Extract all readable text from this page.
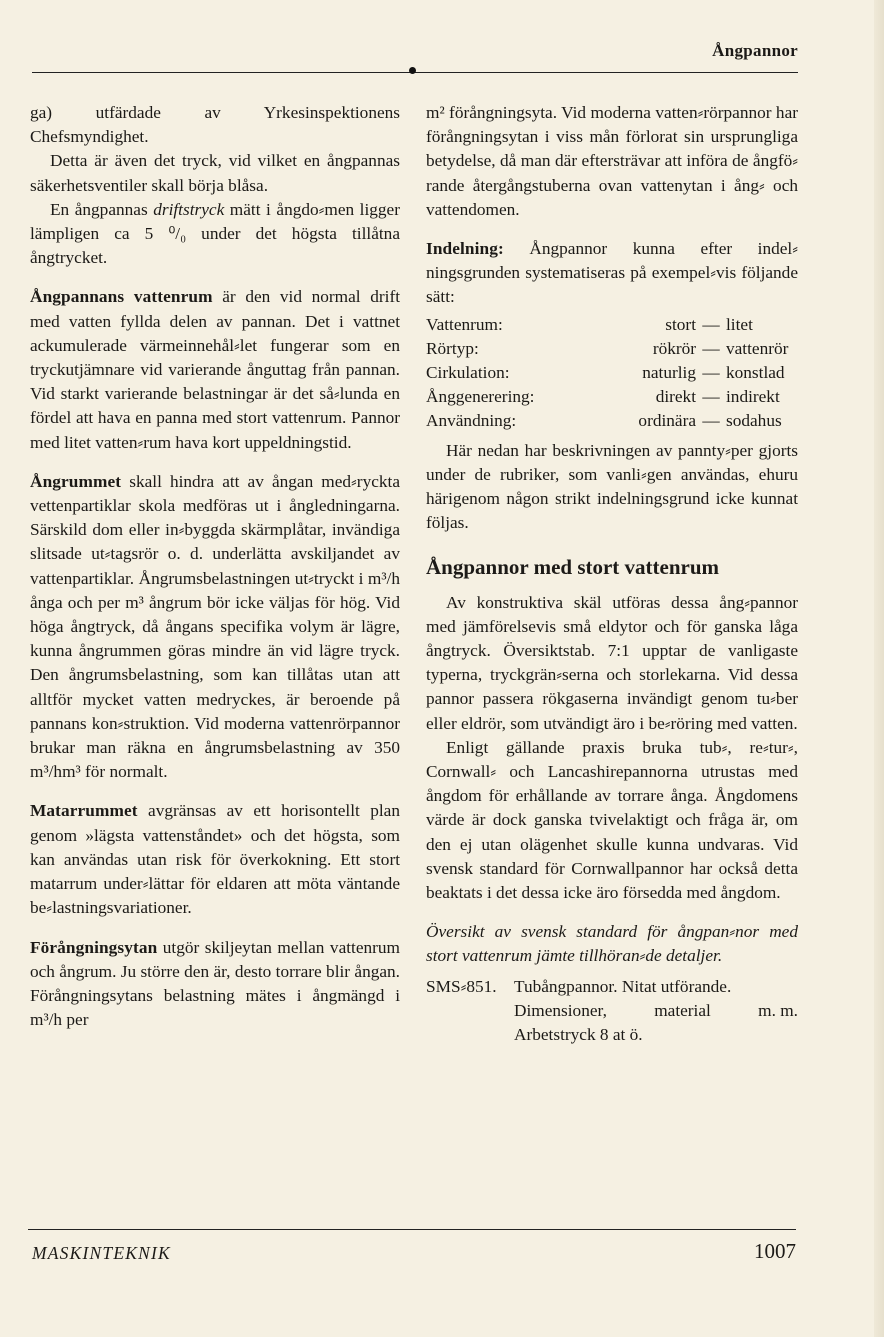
Ångpannor

ga) utfärdade av Yrkesinspektionens Chefsmyndighet.

Detta är även det tryck, vid vilket en ångpannas säkerhetsventiler skall börja blåsa.

En ångpannas driftstryck mätt i ångdo⸗men ligger lämpligen ca 5 ⁰/₀ under det högsta tillåtna ångtrycket.

Ångpannans vattenrum är den vid normal drift med vatten fyllda delen av pannan. Det i vattnet ackumulerade värmeinnehål⸗let fungerar som en tryckutjämnare vid varierande ånguttag från pannan. Vid starkt varierande belastningar är det så⸗lunda en fördel att hava en panna med stort vattenrum. Pannor med litet vatten⸗rum hava kort uppeldningstid.

Ångrummet skall hindra att av ångan med⸗ryckta vettenpartiklar skola medföras ut i ångledningarna. Särskild dom eller in⸗byggda skärmplåtar, invändiga slitsade ut⸗tagsrör o. d. underlätta avskiljandet av vattenpartiklar. Ångrumsbelastningen ut⸗tryckt i m³/h ånga och per m³ ångrum bör icke väljas för hög. Vid höga ångtryck, då ångans specifika volym är lägre, kunna ångrummen göras mindre än vid lägre tryck. Den ångrumsbelastning, som kan tillåtas utan att alltför mycket vatten medryckes, är beroende på pannans kon⸗struktion. Vid moderna vattenrörpannor brukar man räkna en ångrumsbelastning av 350 m³/hm³ för normalt.

Matarrummet avgränsas av ett horisontellt plan genom »lägsta vattenståndet» och det högsta, som kan användas utan risk för överkokning. Ett stort matarrum under⸗lättar för eldaren att möta väntande be⸗lastningsvariationer.

Förångningsytan utgör skiljeytan mellan vattenrum och ångrum. Ju större den är, desto torrare blir ångan. Förångningsytans belastning mätes i ångmängd i m³/h per

m² förångningsyta. Vid moderna vatten⸗rörpannor har förångningsytan i viss mån förlorat sin ursprungliga betydelse, då man där eftersträvar att införa de ångfö⸗rande återgångstuberna ovan vattenytan i ång⸗ och vattendomen.

Indelning: Ångpannor kunna efter indel⸗ningsgrunden systematiseras på exempel⸗vis följande sätt:

Vattenrum:	stort — litet
Rörtyp:	rökrör — vattenrör
Cirkulation:	naturlig — konstlad
Ånggenerering:	direkt — indirekt
Användning:	ordinära — sodahus

Här nedan har beskrivningen av pannty⸗per gjorts under de rubriker, som vanli⸗gen användas, ehuru härigenom någon strikt indelningsgrund icke kunnat följas.

Ångpannor med stort vattenrum

Av konstruktiva skäl utföras dessa ång⸗pannor med jämförelsevis små eldytor och för ganska låga ångtryck. Översiktstab. 7:1 upptar de vanligaste typerna, tryckgrän⸗serna och storlekarna. Vid dessa pannor passera rökgaserna invändigt genom tu⸗ber eller eldrör, som utvändigt äro i be⸗röring med vatten.

Enligt gällande praxis bruka tub⸗, re⸗tur⸗, Cornwall⸗ och Lancashirepannorna utrustas med ångdom för erhållande av torrare ånga. Ångdomens värde är dock ganska tvivelaktigt och fråga är, om den ej utan olägenhet skulle kunna undvaras. Vid svensk standard för Cornwallpannor har också detta beaktats i det dessa icke äro försedda med ångdom.

Översikt av svensk standard för ångpan⸗nor med stort vattenrum jämte tillhöran⸗de detaljer.

SMS⸗851.	Tubångpannor. Nitat utförande.
Dimensioner,	material	m. m.
Arbetstryck 8 at ö.
MASKINTEKNIK	1007
